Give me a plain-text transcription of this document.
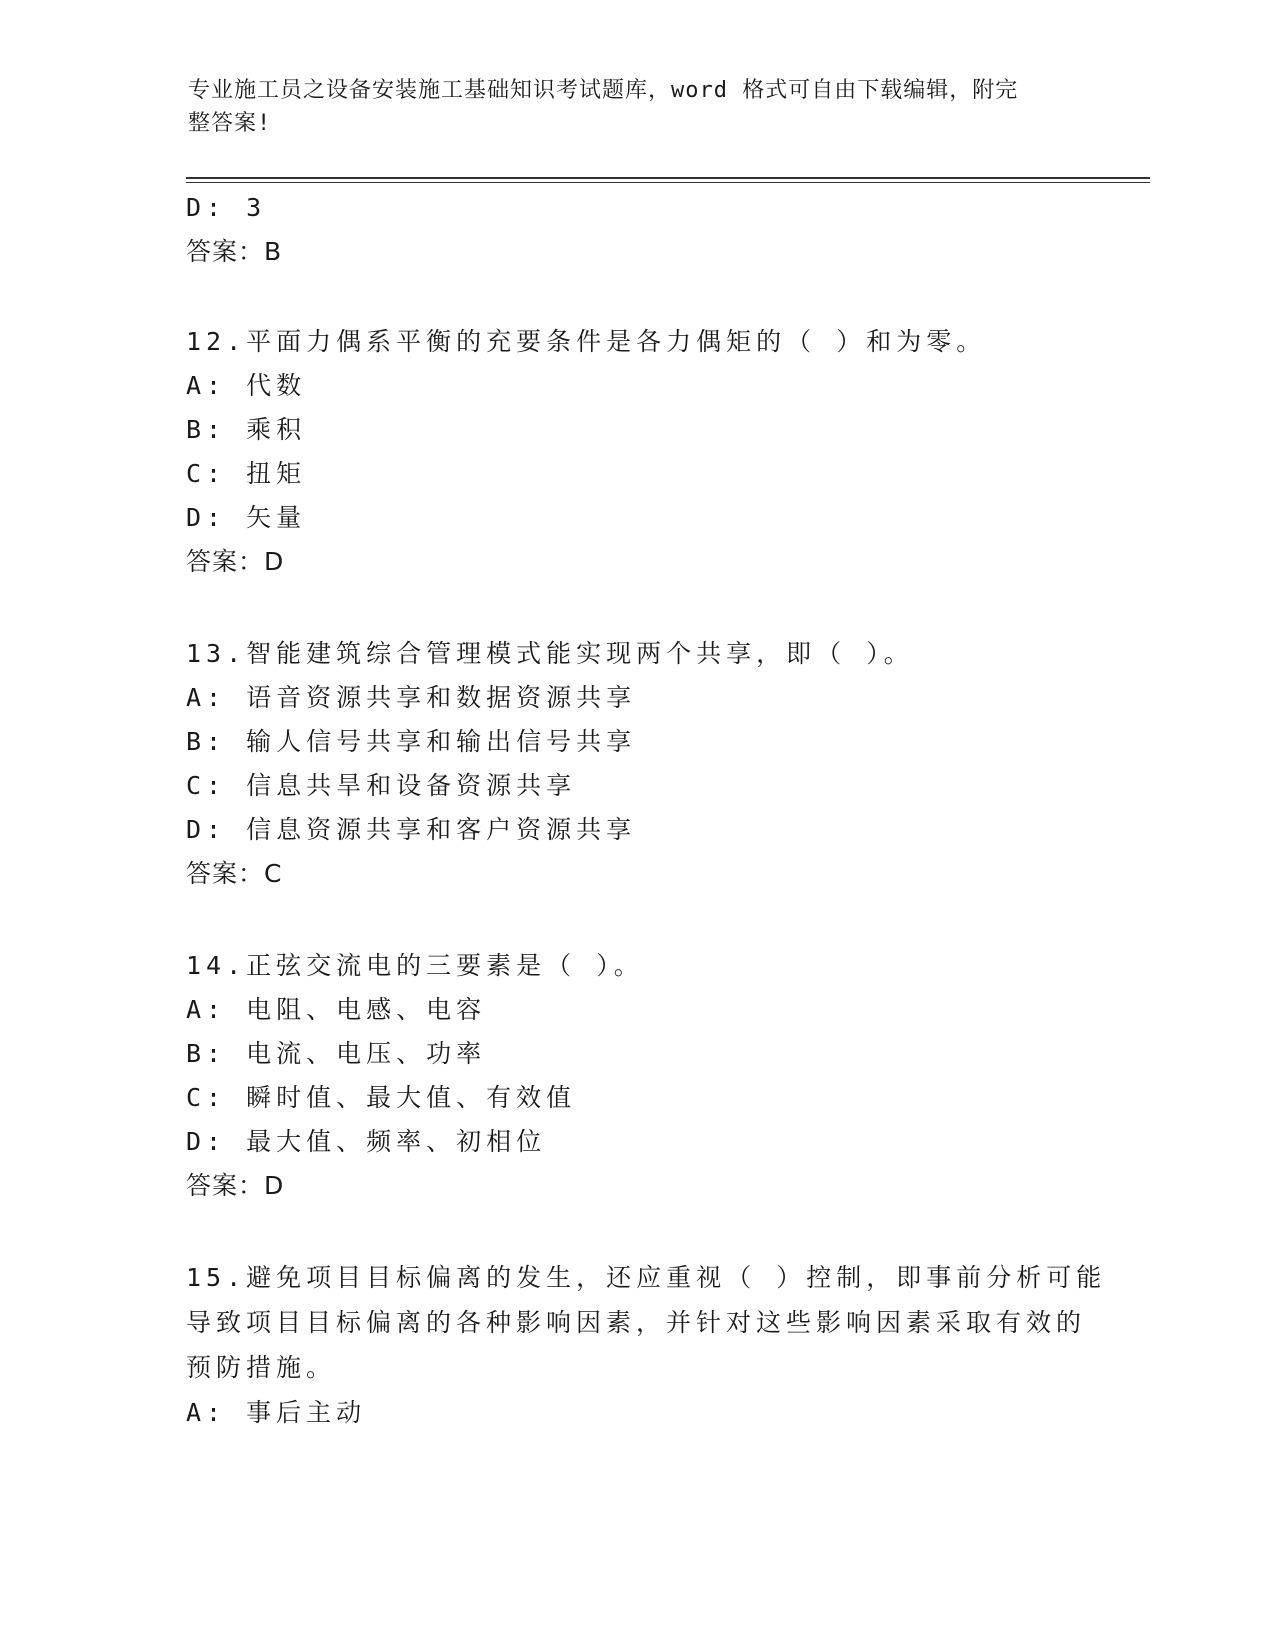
专业施工员之设备安装施工基础知识考试题库，word 格式可自由下载编辑，附完
整答案!
D: 3
答案：B
12.平面力偶系平衡的充要条件是各力偶矩的（ ）和为零。
A: 代数
B: 乘积
C: 扭矩
D: 矢量
答案：D
13.智能建筑综合管理模式能实现两个共享，即（ ）。
A: 语音资源共享和数据资源共享
B: 输人信号共享和输出信号共享
C: 信息共旱和设备资源共享
D: 信息资源共享和客户资源共享
答案：C
14.正弦交流电的三要素是（ ）。
A: 电阻、电感、电容
B: 电流、电压、功率
C: 瞬时值、最大值、有效值
D: 最大值、频率、初相位
答案：D
15.避免项目目标偏离的发生，还应重视（ ）控制，即事前分析可能
导致项目目标偏离的各种影响因素，并针对这些影响因素采取有效的
预防措施。
A: 事后主动
